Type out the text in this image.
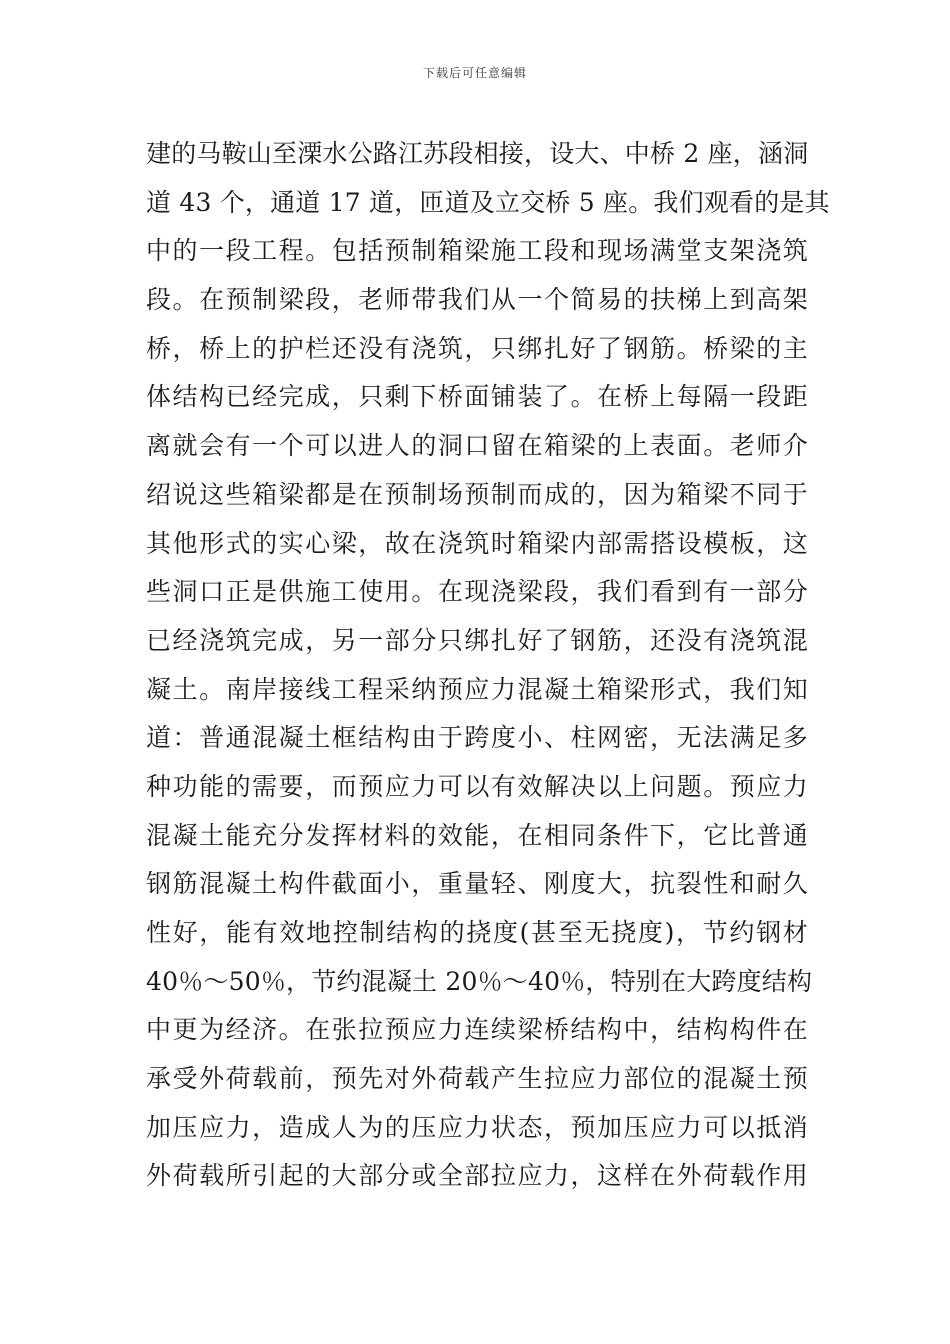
下载后可任意编辑
建的马鞍山至溧水公路江苏段相接，设大、中桥 2 座，涵洞
道 43 个，通道 17 道，匝道及立交桥 5 座。我们观看的是其
中的一段工程。包括预制箱梁施工段和现场满堂支架浇筑
段。在预制梁段，老师带我们从一个简易的扶梯上到高架
桥，桥上的护栏还没有浇筑，只绑扎好了钢筋。桥梁的主
体结构已经完成，只剩下桥面铺装了。在桥上每隔一段距
离就会有一个可以进人的洞口留在箱梁的上表面。老师介
绍说这些箱梁都是在预制场预制而成的，因为箱梁不同于
其他形式的实心梁，故在浇筑时箱梁内部需搭设模板，这
些洞口正是供施工使用。在现浇梁段，我们看到有一部分
已经浇筑完成，另一部分只绑扎好了钢筋，还没有浇筑混
凝土。南岸接线工程采纳预应力混凝土箱梁形式，我们知
道：普通混凝土框结构由于跨度小、柱网密，无法满足多
种功能的需要，而预应力可以有效解决以上问题。预应力
混凝土能充分发挥材料的效能，在相同条件下，它比普通
钢筋混凝土构件截面小，重量轻、刚度大，抗裂性和耐久
性好，能有效地控制结构的挠度(甚至无挠度)，节约钢材
40％～50％，节约混凝土 20％～40％，特别在大跨度结构
中更为经济。在张拉预应力连续梁桥结构中，结构构件在
承受外荷载前，预先对外荷载产生拉应力部位的混凝土预
加压应力，造成人为的压应力状态，预加压应力可以抵消
外荷载所引起的大部分或全部拉应力，这样在外荷载作用
